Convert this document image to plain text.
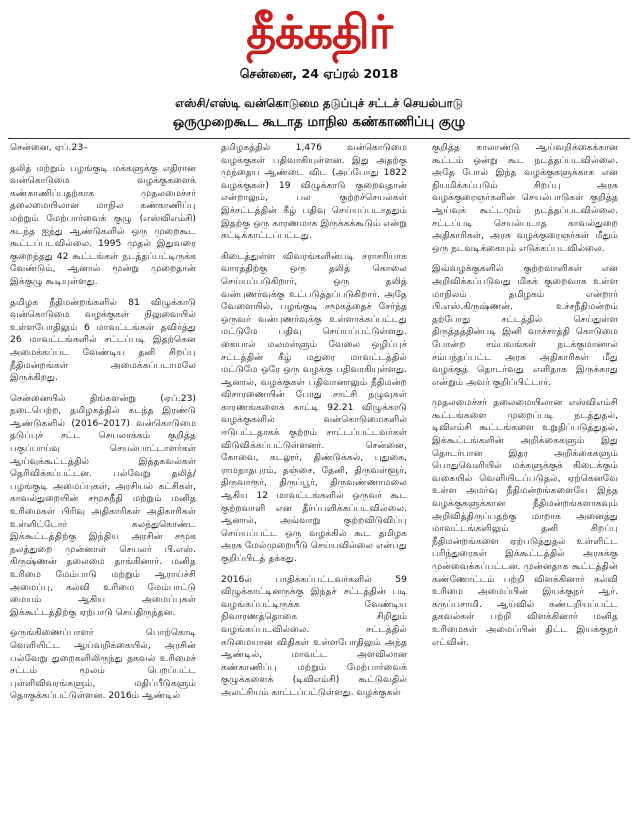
தீக்கதிர்
சென்னை, 24 ஏப்ரல் 2018
எஸ்சி/எஸ்டி வன்கொடுமை தடுப்புச் சட்டச் செயல்பாடு
ஒருமுறைகூட கூடாத மாநில கண்காணிப்பு குழு

சென்னை, ஏப்.23–

தலித் மற்றும் பழங்குடி மக்களுக்கு எதிரான வன்கொடுமை வழக்குகளைக் கண்காணிப்பதற்காக முதலமைச்சர் தலைமையிலான மாநில கண்காணிப்பு மற்றும் மேற்பார்வைக் குழு (எஸ்விஎம்சி) கடந்த ஐந்து ஆண்டுகளில் ஒரு முறைகூட கூட்டப்படவில்லை. 1995 முதல் இதுவரை குறைந்தது 42 கூட்டங்கள் நடத்தப்பட்டிருக்க வேண்டும், ஆனால் மூன்று முறைதான் இக்குழு கூடியுள்ளது.

தமிழக நீதிமன்றங்களில் 81 விழுக்காடு வன்கொடுமை வழக்குகள் நிலுவையில் உள்ளபோதிலும் 6 மாவட்டங்கள் தவிர்த்து 26 மாவட்டங்களில் சட்டப்படி இதற்கென அமைக்கப்பட வேண்டிய தனி சிறப்பு நீதிமன்றங்கள் அமைக்கப்படாமலே இருக்கிறது.

சென்னையில் திங்களன்று (ஏப்.23) நடைபெற்ற, தமிழகத்தில் கடந்த இரண்டு ஆண்டுகளில் (2016–2017) வன்கொடுமை தடுப்புச் சட்ட செயலாக்கம் குறித்த பகுப்பாய்வு செயல்பாட்டாளர்கள் ஆய்வுக்கூட்டத்தில் இத்தகவல்கள் தெரிவிக்கப்பட்டன. பல்வேறு தலித்/பழங்குடி அமைப்புகள், அரசியல் கட்சிகள், காவல்துறையின் சமூகநீதி மற்றும் மனித உரிமைகள் பிரிவு அதிகாரிகள் அதிகாரிகள் உள்ளிட்டோர் கலந்துகொண்ட இக்கூட்டத்திற்கு இந்திய அரசின் சமூக நலத்துறை முன்னாள் செயலர் பி.எஸ். கிருஷ்ணன் தலைமை தாங்கினார். மனித உரிமை மேம்பாடு மற்றும் ஆராய்ச்சி அமைப்பு, கல்வி உரிமை மேம்பாட்டு மையம் ஆகிய அமைப்புகள் இக்கூட்டத்திற்கு ஏற்பாடு செய்திருந்தன.

ஒருங்கிணைப்பாளர் பொற்கொடி வெளியிட்ட ஆய்வறிக்கையில், அரசின் பல்வேறு துறைகளிலிருந்து தகவல் உரிமைச் சட்டம் மூலம் பெறப்பட்ட புள்ளிவிவரங்களும், மதிப்பீடுகளும் தொகுக்கப்பட்டுள்ளன. 2016ம் ஆண்டில்

தமிழகத்தில் 1,476 வன்கொடுமை வழக்குகள் பதிவாகியுள்ளன. இது அதற்கு முந்தைய ஆண்டை விட (அப்போது 1822 வழக்குகள்) 19 விழுக்காடு குறைவுதான் என்றாலும், பல குற்றச்செயல்கள் இச்சட்டத்தின் கீழ் பதிவு செய்யப்படாததும் இதற்கு ஒரு காரணமாக இருக்கக்கூடும் என்று சுட்டிக்காட்டப்பட்டது.

கிடைத்துள்ள விவரங்களின்படி சராசரியாக வாரத்திற்கு ஒரு தலித் கொலை செய்யப்படுகிறார், ஒரு தலித் வன்புணர்வுக்கு உட்படுத்தப்படுகிறார். அதே வேளையில், பழங்குடி சமூகத்தைச் சேர்ந்த ஒருவர் வன்புணர்வுக்கு உள்ளாக்கப்பட்டது மட்டுமே பதிவு செய்யப்பட்டுள்ளது. கையால் மலமள்ளும் வேலை ஒழிப்புச் சட்டத்தின் கீழ் மதுரை மாவட்டத்தில் மட்டுமே ஒரே ஒரு வழக்கு பதிவாகியுள்ளது. ஆனால், வழக்குகள் பதிவானாலும் நீதிமன்ற விசாரணையின் போது சாட்சி நழுவுகள் காரணங்களைக் காட்டி 92.21 விழுக்காடு வழக்குகளில் வன்கொடுமைகளில் ஈடுபட்டதாகக் குற்றம் சாட்டப்பட்டவர்கள் விடுவிக்கப்பட்டுள்ளனர். சென்னை, கோவை, கடலூர், திண்டுக்கல், புதுகை, ராமநாதபுரம், தஞ்சை, தேனி, திருவள்ளூர், திருவாரூர், திருப்பூர், திருவண்ணாமலை ஆகிய 12 மாவட்டங்களில் ஒருவர் கூட குற்றவாளி என தீர்ப்பளிக்கப்படவில்லை. ஆனால், அவ்வாறு குற்றவிடுவிப்பு செய்யப்பட்ட ஒரு வழக்கில் கூட தமிழக அரசு மேல்முறையீடு செய்யவில்லை என்பது குறிப்பிடத் தக்கது.

2016ல் பாதிக்கப்பட்டவர்களில் 59 விழுக்காட்டினருக்கு இந்தச் சட்டத்தின் படி வழங்கப்பட்டிருக்க வேண்டிய நிவாரணத்தொகை சிறிதும் வழங்கப்படவில்லை. சட்டத்தில் கடுமையான விதிகள் உள்ளபோதிலும் அந்த ஆண்டில், மாவட்ட அளவிலான கண்காணிப்பு மற்றும் மேற்பார்வைக் குழுக்களைக் (டிவிஎம்சி) கூட்டுவதில் அலட்சியம் காட்டப்பட்டுள்ளது. வழக்குகள்

குறித்த காலாண்டு ஆய்வறிக்கைக்கான கூட்டம் ஒன்று கூட நடத்தப்படவில்லை. அதே போல் இந்த வழக்குகளுக்காக என நியமிக்கப்படும் சிறப்பு அரசு வழக்குரைஞர்களின் செயல்பாடுகள் குறித்த ஆய்வுக் கூட்டமும் நடத்தப்படவில்லை. சட்டப்படி செயல்படாத காவல்துறை அதிகாரிகள், அரசு வழக்குரைஞர்கள் மீதும் ஒரு நடவடிக்கையும் எடுக்கப்படவில்லை.

இவ்வழக்குகளில் குற்றவாளிகள் என அறிவிக்கப்படுவது மிகக் குறைவாக உள்ள மாநிலம் தமிழகம் என்றார் பி.எஸ்.கிருஷ்ணன். உச்சநீதிமன்றம் தற்போது சட்டத்தில் செய்துள்ள திருத்தத்தின்படி இனி வாச்சாத்தி கொடுமை போன்ற சம்பவங்கள் நடக்குமானால் சம்பந்தப்பட்ட அரசு அதிகாரிகள் மீது வழக்குத் தொடர்வது எளிதாக இருக்காது என்றும் அவர் குறிப்பிட்டார்.

முதலமைச்சர் தலைமையிலான எஸ்விஎம்சி கூட்டங்களை முறைப்படி நடத்துதல், டிவிஎம்சி கூட்டங்களை உறுதிப்படுத்துதல், இக்கூட்டங்களின் அறிக்கைகளும் இது தொடர்பான இதர அறிக்கைகளும் பொதுவெளியில் மக்களுக்குக் கிடைக்கும் வகையில் வெளியிடப்படுதல், ஏற்கெனவே உள்ள அமர்வு நீதிமன்றங்களையே இந்த வழக்குகளுக்கான நீதிமன்றங்களாகவும் அறிவித்திருப்பதற்கு மாறாக அனைத்து மாவட்டங்களிலும் தனி சிறப்பு நீதிமன்றங்களை ஏற்படுத்துதல் உள்ளிட்ட பரிந்துரைகள் இக்கூட்டத்தில் அரசுக்கு முன்வைக்கப்பட்டன. முன்னதாக கூட்டத்தின் கண்ணோட்டம் பற்றி விளக்கினார் கல்வி உரிமை அமைப்பின் இயக்குநர் ஆர். கருப்பசாமி. ஆய்வில் கண்டறியப்பட்ட தகவல்கள் பற்றி விளக்கினார் மனித உரிமைகள் அமைப்பின் திட்ட இயக்குநர் எட்வின்.
